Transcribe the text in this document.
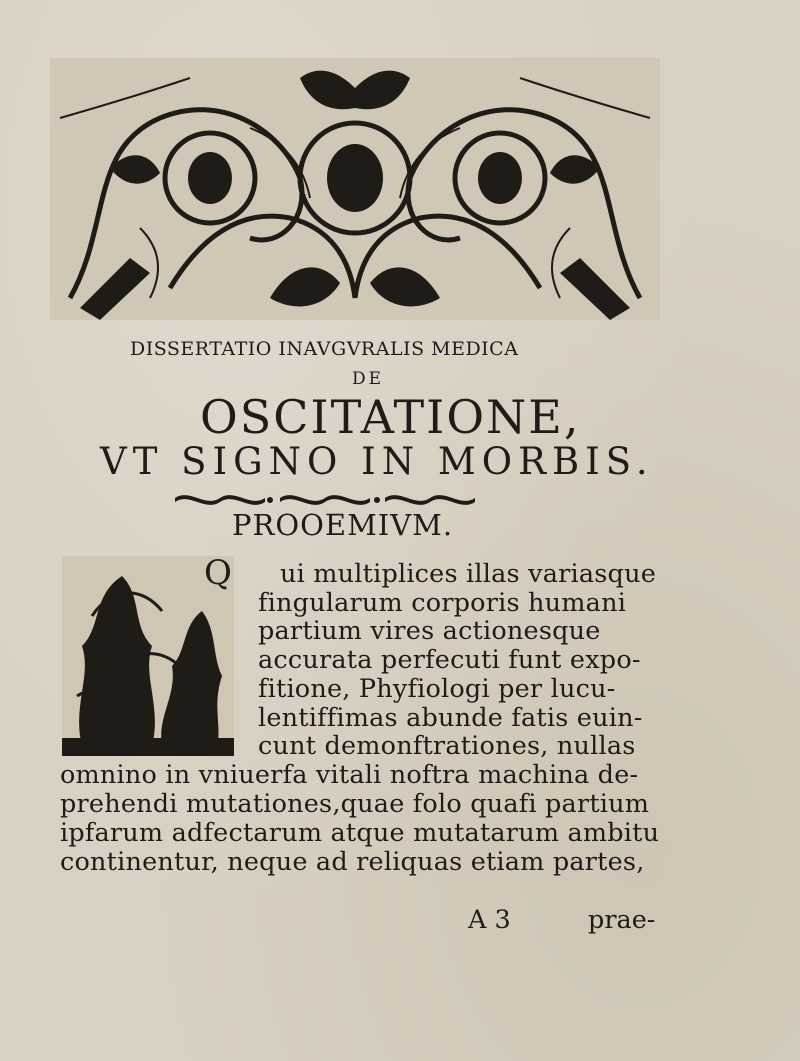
DISSERTATIO INAVGVRALIS MEDICA
DE
OSCITATIONE,
VT SIGNO IN MORBIS.
PROOEMIVM.
Q ui multiplices illas variasque
fingularum corporis humani
partium vires actionesque
accurata perfecuti funt expo-
fitione, Phyfiologi per lucu-
lentiffimas abunde fatis euin-
cunt demonftrationes, nullas
omnino in vniuerfa vitali noftra machina de-
prehendi mutationes,quae folo quafi partium
ipfarum adfectarum atque mutatarum ambitu
continentur, neque ad reliquas etiam partes,
A 3	prae-
